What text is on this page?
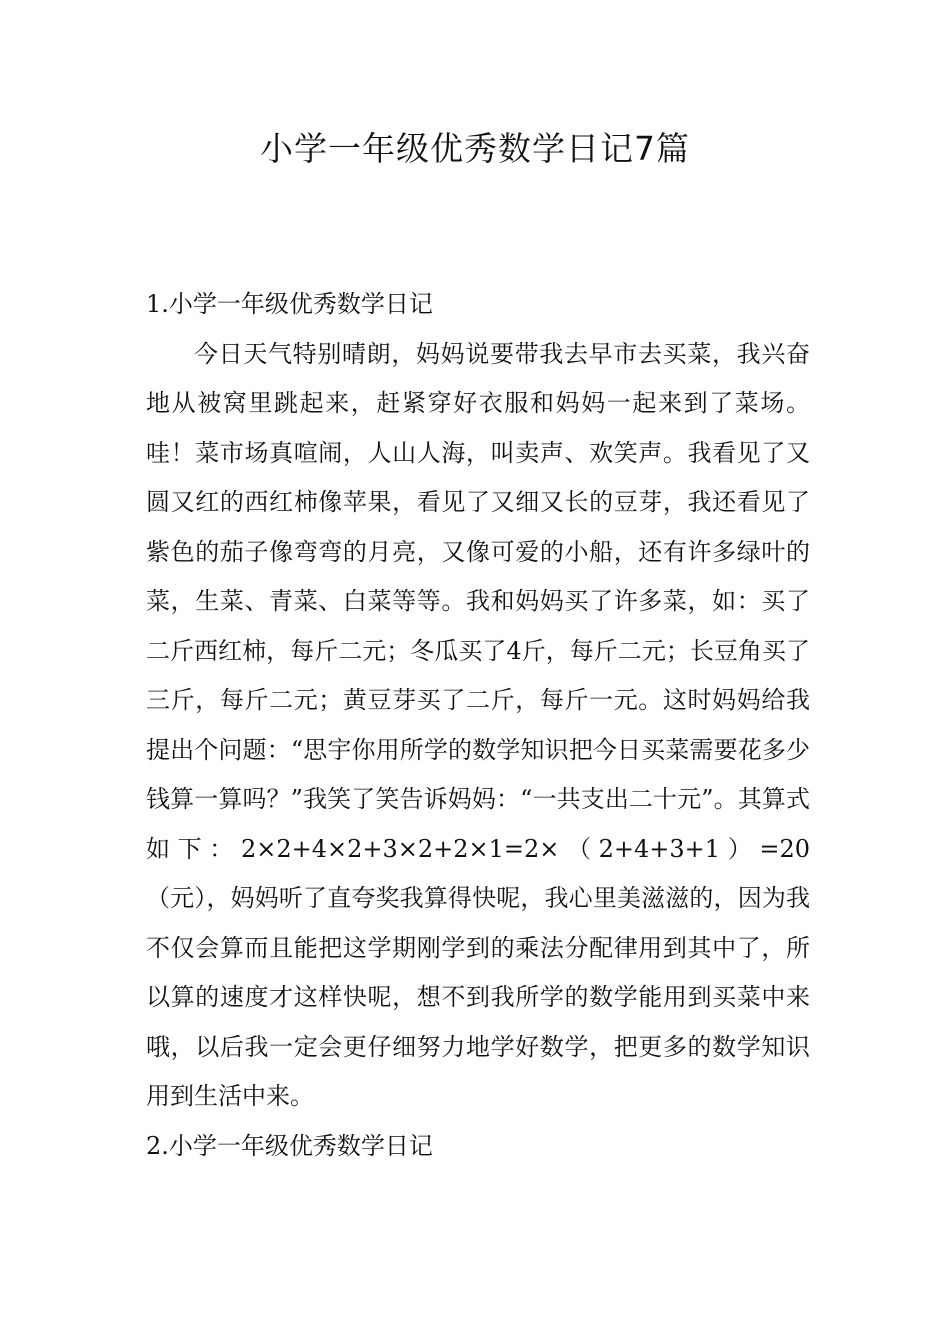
小学一年级优秀数学日记7篇

1.小学一年级优秀数学日记

今日天气特别晴朗，妈妈说要带我去早市去买菜，我兴奋地从被窝里跳起来，赶紧穿好衣服和妈妈一起来到了菜场。哇！菜市场真喧闹，人山人海，叫卖声、欢笑声。我看见了又圆又红的西红柿像苹果，看见了又细又长的豆芽，我还看见了紫色的茄子像弯弯的月亮，又像可爱的小船，还有许多绿叶的菜，生菜、青菜、白菜等等。我和妈妈买了许多菜，如：买了二斤西红柿，每斤二元；冬瓜买了4斤，每斤二元；长豆角买了三斤，每斤二元；黄豆芽买了二斤，每斤一元。这时妈妈给我提出个问题：“思宇你用所学的数学知识把今日买菜需要花多少钱算一算吗？”我笑了笑告诉妈妈：“一共支出二十元”。其算式如下：2×2+4×2+3×2+2×1=2×（2+4+3+1）=20（元），妈妈听了直夸奖我算得快呢，我心里美滋滋的，因为我不仅会算而且能把这学期刚学到的乘法分配律用到其中了，所以算的速度才这样快呢，想不到我所学的数学能用到买菜中来哦，以后我一定会更仔细努力地学好数学，把更多的数学知识用到生活中来。

2.小学一年级优秀数学日记
